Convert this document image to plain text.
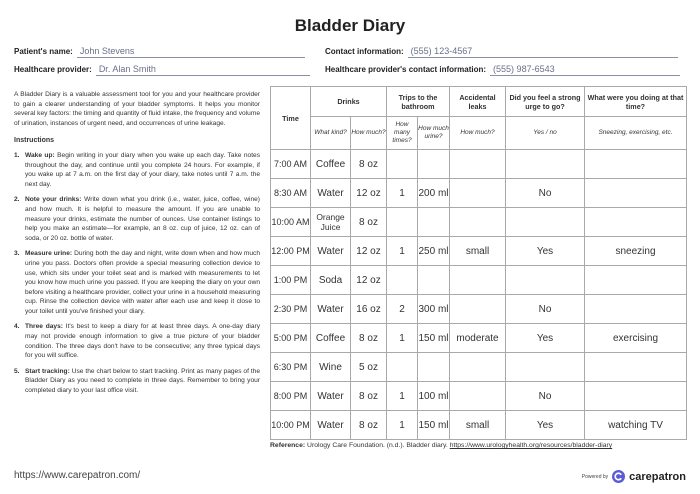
Bladder Diary
Patient's name: John Stevens	Contact information: (555) 123-4567
Healthcare provider: Dr. Alan Smith	Healthcare provider's contact information: (555) 987-6543

A Bladder Diary is a valuable assessment tool for you and your healthcare provider to gain a clearer understanding of your bladder symptoms. It helps you monitor several key factors: the timing and quantity of fluid intake, the frequency and volume of urination, instances of urgent need, and occurrences of urine leakage.

Instructions
1. Wake up: Begin writing in your diary when you wake up each day. Take notes throughout the day, and continue until you complete 24 hours. For example, if you wake up at 7 a.m. on the first day of your diary, take notes until 7 a.m. the next day.
2. Note your drinks: Write down what you drink (i.e., water, juice, coffee, wine) and how much. It is helpful to measure the amount. If you are unable to measure your drinks, estimate the number of ounces. Use container listings to help you make an estimate—for example, an 8 oz. cup of juice, 12 oz. can of soda, or 20 oz. bottle of water.
3. Measure urine: During both the day and night, write down when and how much urine you pass. Doctors often provide a special measuring collection device to use, which sits under your toilet seat and is marked with measurements to let you know how much urine you passed. If you are keeping the diary on your own before visiting a healthcare provider, collect your urine in a household measuring cup. Rinse the collection device with water after each use and keep it close to your toilet until you've finished your diary.
4. Three days: It's best to keep a diary for at least three days. A one-day diary may not provide enough information to give a true picture of your bladder condition. The three days don't have to be consecutive; any three typical days for you will suffice.
5. Start tracking: Use the chart below to start tracking. Print as many pages of the Bladder Diary as you need to complete in three days. Remember to bring your completed diary to your last office visit.
Time	Drinks		Trips to the bathroom		Accidental leaks	Did you feel a strong urge to go?	What were you doing at that time?
	What kind?	How much?	How many times?	How much urine?	How much?	Yes / no	Sneezing, exercising, etc.
7:00 AM	Coffee	8 oz					
8:30 AM	Water	12 oz	1	200 ml		No	
10:00 AM	Orange Juice	8 oz					
12:00 PM	Water	12 oz	1	250 ml	small	Yes	sneezing
1:00 PM	Soda	12 oz					
2:30 PM	Water	16 oz	2	300 ml		No	
5:00 PM	Coffee	8 oz	1	150 ml	moderate	Yes	exercising
6:30 PM	Wine	5 oz					
8:00 PM	Water	8 oz	1	100 ml		No	
10:00 PM	Water	8 oz	1	150 ml	small	Yes	watching TV
Reference: Urology Care Foundation. (n.d.). Bladder diary. https://www.urologyhealth.org/resources/bladder-diary
https://www.carepatron.com/	Powered by carepatron
